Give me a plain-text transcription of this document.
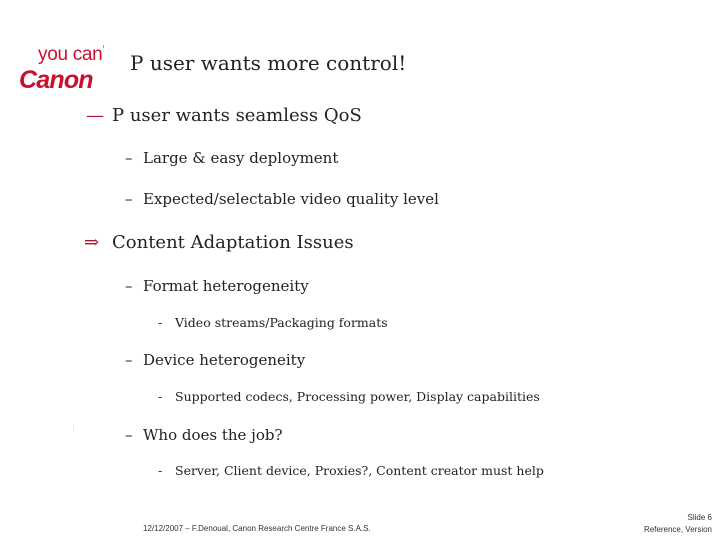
you can’
Canon
P user wants more control!
— P user wants seamless QoS
– Large & easy deployment
– Expected/selectable video quality level
⇒ Content Adaptation Issues
– Format heterogeneity
- Video streams/Packaging formats
– Device heterogeneity
- Supported codecs, Processing power, Display capabilities
– Who does the job?
- Server, Client device, Proxies?, Content creator must help
· · ·
12/12/2007 – F.Denoual, Canon Research Centre France S.A.S.
Slide 6
Reference, Version
